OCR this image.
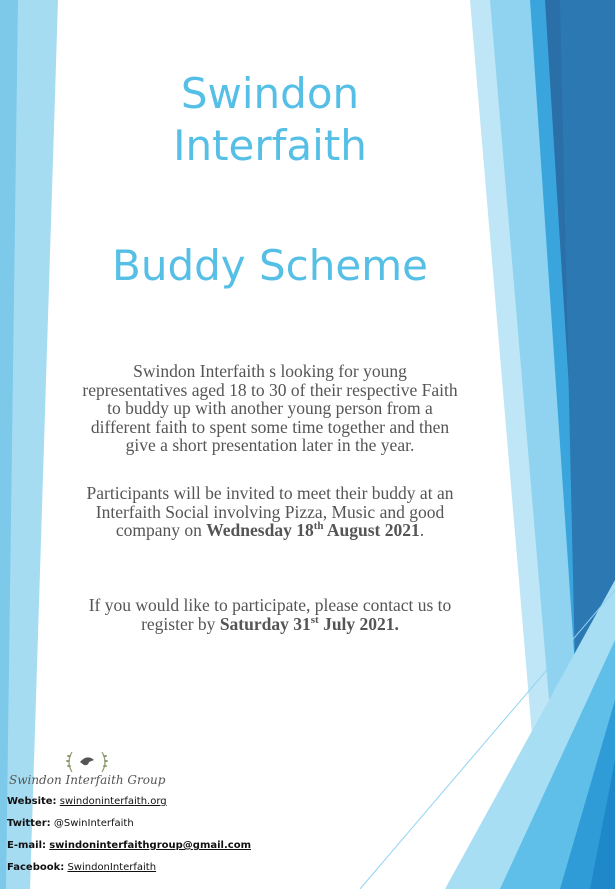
Swindon
Interfaith
Buddy Scheme

Swindon Interfaith s looking for young representatives aged 18 to 30 of their respective Faith to buddy up with another young person from a different faith to spent some time together and then give a short presentation later in the year.

Participants will be invited to meet their buddy at an Interfaith Social involving Pizza, Music and good company on Wednesday 18th August 2021.

If you would like to participate, please contact us to register by Saturday 31st July 2021.

Swindon Interfaith Group
Website: swindoninterfaith.org
Twitter: @SwinInterfaith
E-mail: swindoninterfaithgroup@gmail.com
Facebook: SwindonInterfaith
